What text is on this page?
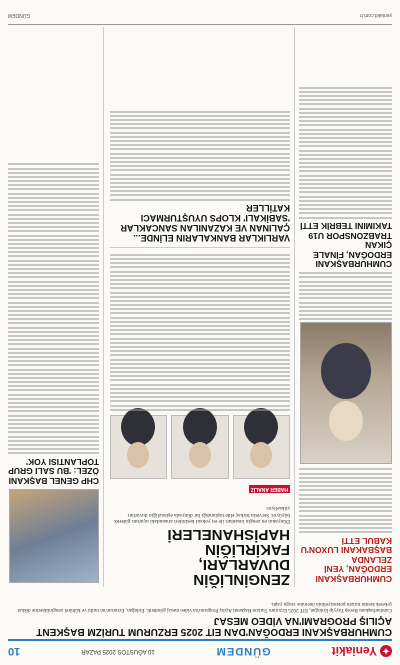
✦
Yeniakit
GÜNDEM
10 AĞUSTOS 2025 PAZAR
10
CUMHURBAŞKANI ERDOĞAN'DAN EIT 2025 ERZURUM TURİZM BAŞKENT AÇILIŞ PROGRAMI'NA VİDEO MESAJ

Cumhurbaşkanı Recep Tayyip Erdoğan, EIT 2025 Erzurum Turizm Başkenti Açılış Programı'na video mesaj gönderdi. Erdoğan, Erzurum'un tarihi ve kültürel zenginliklerine dikkat çekerek kentin turizm potansiyelinin önemine vurgu yaptı.

CUMHURBAŞKANI ERDOĞAN, YENİ ZELANDA BAŞBAKANI LUXON'U KABUL ETTİ
CUMHURBAŞKANI ERDOĞAN, FİNALE ÇIKAN TRABZONSPOR U19 TAKIMINI TEBRİK ETTİ
ZENGİNLİĞİN DUVARLARI, FAKİRLİĞİN HAPİSHANELERİ
Dünyanın en zengin insanları ile en yoksul kesimleri arasındaki uçurum giderek büyüyor. Servetin birkaç elde toplandığı bir dünyada eşitsizliğin duvarları yükseliyor.
HABER ANALİZ
VARLIKLAR BANKALARIN ELİNDE... ÇALINAN VE KAZANILAN SANCAKLAR 'SABİKALI' KLOPS UYUŞTURMACI KATİLLER
CHP GENEL BAŞKANI ÖZEL: 'BU SALI GRUP TOPLANTISI YOK'
yeniakit.com.tr
GÜNDEM
